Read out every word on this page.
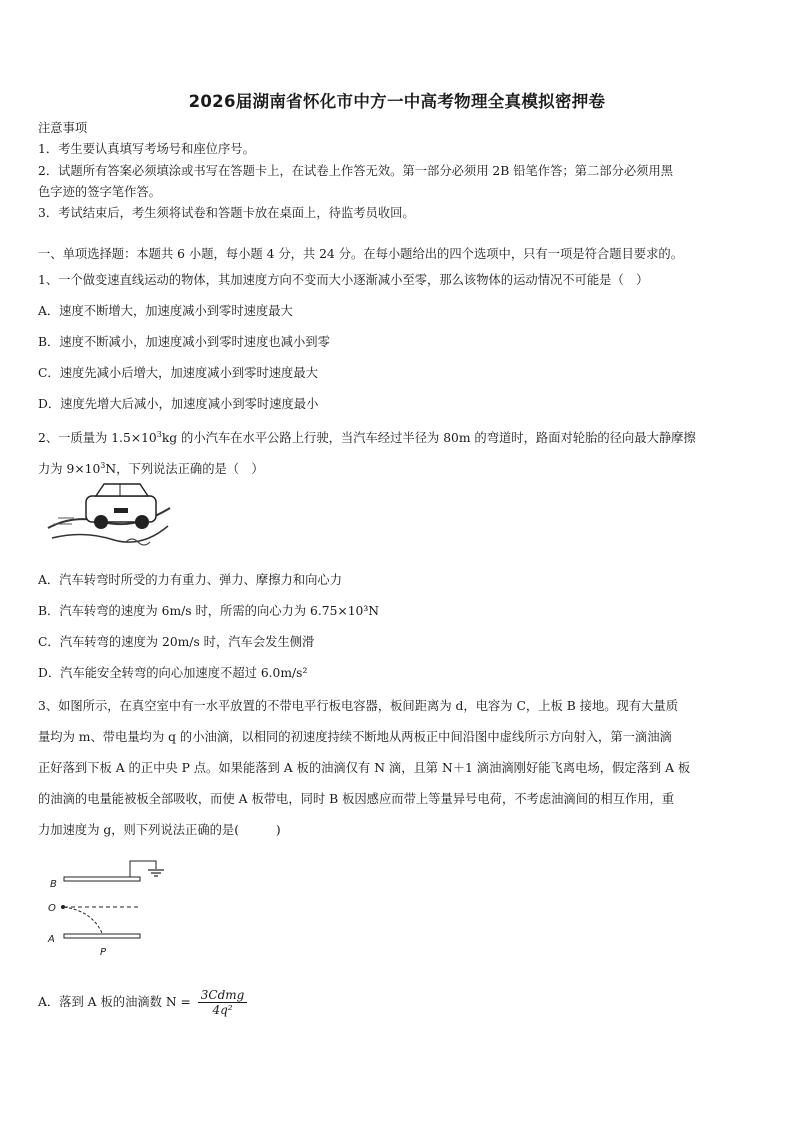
2026届湖南省怀化市中方一中高考物理全真模拟密押卷
注意事项
1．考生要认真填写考场号和座位序号。
2．试题所有答案必须填涂或书写在答题卡上，在试卷上作答无效。第一部分必须用 2B 铅笔作答；第二部分必须用黑
色字迹的签字笔作答。
3．考试结束后，考生须将试卷和答题卡放在桌面上，待监考员收回。
一、单项选择题：本题共 6 小题，每小题 4 分，共 24 分。在每小题给出的四个选项中，只有一项是符合题目要求的。
1、一个做变速直线运动的物体，其加速度方向不变而大小逐渐减小至零，那么该物体的运动情况不可能是（　）
A．速度不断增大，加速度减小到零时速度最大
B．速度不断减小，加速度减小到零时速度也减小到零
C．速度先减小后增大，加速度减小到零时速度最大
D．速度先增大后减小，加速度减小到零时速度最小
2、一质量为 $1.5\times 10^3kg$ 的小汽车在水平公路上行驶，当汽车经过半径为 80m 的弯道时，路面对轮胎的径向最大静摩擦
力为 $9\times 10^3N$，下列说法正确的是（　）
A．汽车转弯时所受的力有重力、弹力、摩擦力和向心力
B．汽车转弯的速度为 6m/s 时，所需的向心力为 6.75×10³N
C．汽车转弯的速度为 20m/s 时，汽车会发生侧滑
D．汽车能安全转弯的向心加速度不超过 6.0m/s²
3、如图所示，在真空室中有一水平放置的不带电平行板电容器，板间距离为 d，电容为 C，上板 B 接地。现有大量质
量均为 m、带电量均为 q 的小油滴，以相同的初速度持续不断地从两板正中间沿图中虚线所示方向射入，第一滴油滴
正好落到下板 A 的正中央 P 点。如果能落到 A 板的油滴仅有 N 滴，且第 N＋1 滴油滴刚好能飞离电场，假定落到 A 板
的油滴的电量能被板全部吸收，而使 A 板带电，同时 B 板因感应而带上等量异号电荷，不考虑油滴间的相互作用，重
力加速度为 g，则下列说法正确的是(　　　)
B
O
A
P
A．落到 A 板的油滴数 $N = \frac{\text{3Cdmg}}{\text{4q²}}$
